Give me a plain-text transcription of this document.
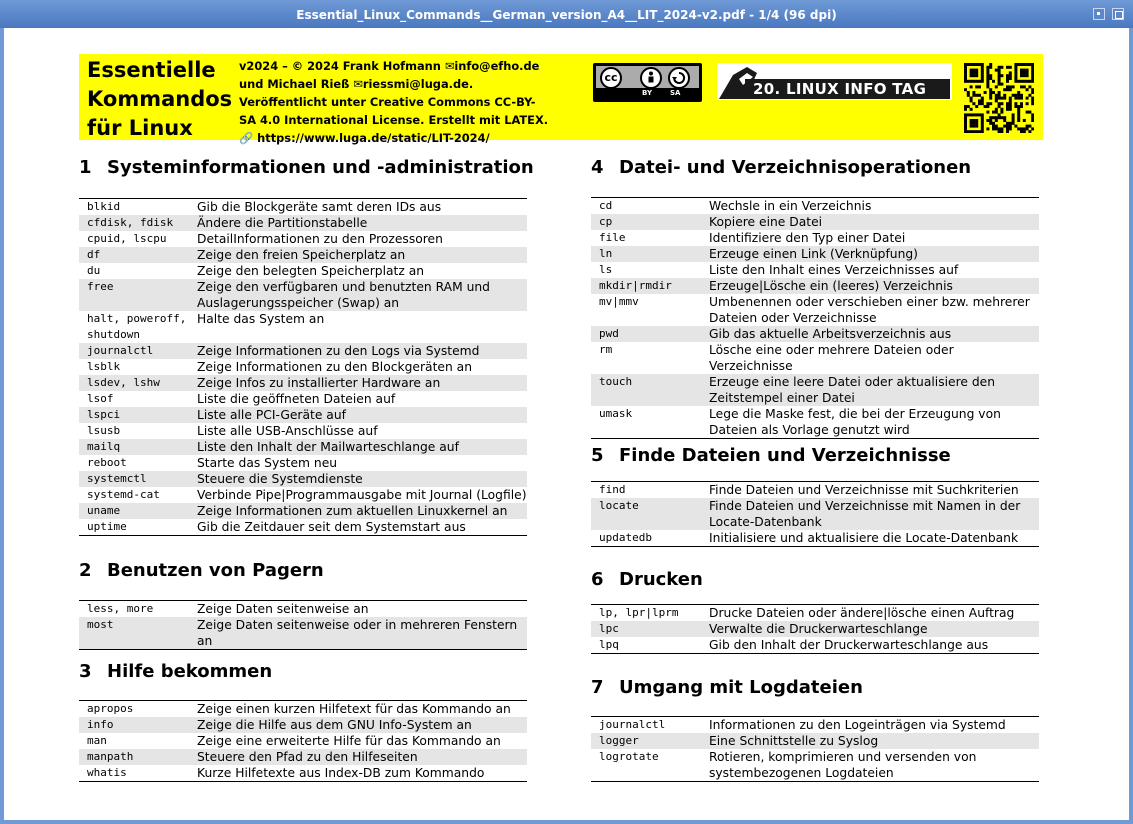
Essential_Linux_Commands__German_version_A4__LIT_2024-v2.pdf - 1/4 (96 dpi)
Essentielle
Kommandos
für Linux
v2024 – © 2024 Frank Hofmann ✉info@efho.de
und Michael Rieß ✉riessmi@luga.de.
Veröffentlicht unter Creative Commons CC-BY-
SA 4.0 International License. Erstellt mit LATEX.
🔗 https://www.luga.de/static/LIT-2024/
cc
BY	SA	20. LINUX INFO TAG
1 Systeminformationen und -administration
blkid	Gib die Blockgeräte samt deren IDs aus
cfdisk, fdisk	Ändere die Partitionstabelle
cpuid, lscpu	DetailInformationen zu den Prozessoren
df	Zeige den freien Speicherplatz an
du	Zeige den belegten Speicherplatz an
free	Zeige den verfügbaren und benutzten RAM und Auslagerungsspeicher (Swap) an
halt, poweroff, shutdown	Halte das System an
journalctl	Zeige Informationen zu den Logs via Systemd
lsblk	Zeige Informationen zu den Blockgeräten an
lsdev, lshw	Zeige Infos zu installierter Hardware an
lsof	Liste die geöffneten Dateien auf
lspci	Liste alle PCI-Geräte auf
lsusb	Liste alle USB-Anschlüsse auf
mailq	Liste den Inhalt der Mailwarteschlange auf
reboot	Starte das System neu
systemctl	Steuere die Systemdienste
systemd-cat	Verbinde Pipe|Programmausgabe mit Journal (Logfile)
uname	Zeige Informationen zum aktuellen Linuxkernel an
uptime	Gib die Zeitdauer seit dem Systemstart aus
2 Benutzen von Pagern
less, more	Zeige Daten seitenweise an
most	Zeige Daten seitenweise oder in mehreren Fenstern an
3 Hilfe bekommen
apropos	Zeige einen kurzen Hilfetext für das Kommando an
info	Zeige die Hilfe aus dem GNU Info-System an
man	Zeige eine erweiterte Hilfe für das Kommando an
manpath	Steuere den Pfad zu den Hilfeseiten
whatis	Kurze Hilfetexte aus Index-DB zum Kommando
4 Datei- und Verzeichnisoperationen
cd	Wechsle in ein Verzeichnis
cp	Kopiere eine Datei
file	Identifiziere den Typ einer Datei
ln	Erzeuge einen Link (Verknüpfung)
ls	Liste den Inhalt eines Verzeichnisses auf
mkdir|rmdir	Erzeuge|Lösche ein (leeres) Verzeichnis
mv|mmv	Umbenennen oder verschieben einer bzw. mehrerer Dateien oder Verzeichnisse
pwd	Gib das aktuelle Arbeitsverzeichnis aus
rm	Lösche eine oder mehrere Dateien oder Verzeichnisse
touch	Erzeuge eine leere Datei oder aktualisiere den Zeitstempel einer Datei
umask	Lege die Maske fest, die bei der Erzeugung von Dateien als Vorlage genutzt wird
5 Finde Dateien und Verzeichnisse
find	Finde Dateien und Verzeichnisse mit Suchkriterien
locate	Finde Dateien und Verzeichnisse mit Namen in der Locate-Datenbank
updatedb	Initialisiere und aktualisiere die Locate-Datenbank
6 Drucken
lp, lpr|lprm	Drucke Dateien oder ändere|lösche einen Auftrag
lpc	Verwalte die Druckerwarteschlange
lpq	Gib den Inhalt der Druckerwarteschlange aus
7 Umgang mit Logdateien
journalctl	Informationen zu den Logeinträgen via Systemd
logger	Eine Schnittstelle zu Syslog
logrotate	Rotieren, komprimieren und versenden von systembezogenen Logdateien
